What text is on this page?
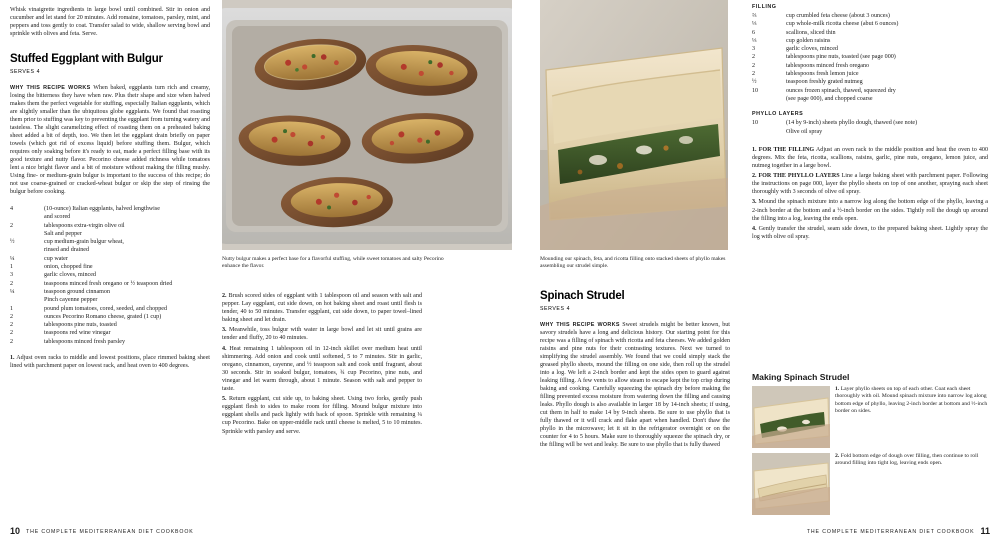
Whisk vinaigrette ingredients in large bowl until combined. Stir in onion and cucumber and let stand for 20 minutes. Add romaine, tomatoes, parsley, mint, and peppers and toss gently to coat. Transfer salad to wide, shallow serving bowl and sprinkle with olives and feta. Serve.
Stuffed Eggplant with Bulgur
SERVES 4
WHY THIS RECIPE WORKS When baked, eggplants turn rich and creamy, losing the bitterness they have when raw. Plus their shape and size when halved makes them the perfect vegetable for stuffing, especially Italian eggplants, which are slightly smaller than the ubiquitous globe eggplants. We found that roasting them prior to stuffing was key to preventing the eggplant from turning watery and tasteless. The slight caramelizing effect of roasting them on a preheated baking sheet added a bit of depth, too. We then let the eggplant drain briefly on paper towels (which got rid of excess liquid) before stuffing them. Bulgur, which requires only soaking before it's ready to eat, made a perfect filling base with its good texture and nutty flavor. Pecorino cheese added richness while tomatoes lent a nice bright flavor and a bit of moisture without making the filling mushy. Using fine- or medium-grain bulgur is important to the success of this recipe; do not use coarse-grained or cracked-wheat bulgur or skip the step of rinsing the bulgur before cooking.
4	(10-ounce) Italian eggplants, halved lengthwise
and scored
2	tablespoons extra-virgin olive oil
Salt and pepper
½	cup medium-grain bulgur wheat,
rinsed and drained
¼	cup water
1	onion, chopped fine
3	garlic cloves, minced
2	teaspoons minced fresh oregano or ½ teaspoon dried
¼	teaspoon ground cinnamon
Pinch cayenne pepper
1	pound plum tomatoes, cored, seeded, and chopped
2	ounces Pecorino Romano cheese, grated (1 cup)
2	tablespoons pine nuts, toasted
2	teaspoons red wine vinegar
2	tablespoons minced fresh parsley
1. Adjust oven racks to middle and lowest positions, place rimmed baking sheet lined with parchment paper on lowest rack, and heat oven to 400 degrees.
Nutty bulgur makes a perfect base for a flavorful stuffing, while sweet tomatoes and salty Pecorino enhance the flavor.
2. Brush scored sides of eggplant with 1 tablespoon oil and season with salt and pepper. Lay eggplant, cut side down, on hot baking sheet and roast until flesh is tender, 40 to 50 minutes. Transfer eggplant, cut side down, to paper towel–lined baking sheet and let drain.
3. Meanwhile, toss bulgur with water in large bowl and let sit until grains are tender and fluffy, 20 to 40 minutes.
4. Heat remaining 1 tablespoon oil in 12-inch skillet over medium heat until shimmering. Add onion and cook until softened, 5 to 7 minutes. Stir in garlic, oregano, cinnamon, cayenne, and ½ teaspoon salt and cook until fragrant, about 30 seconds. Stir in soaked bulgur, tomatoes, ¾ cup Pecorino, pine nuts, and vinegar and let warm through, about 1 minute. Season with salt and pepper to taste.
5. Return eggplant, cut side up, to baking sheet. Using two forks, gently push eggplant flesh to sides to make room for filling. Mound bulgur mixture into eggplant shells and pack lightly with back of spoon. Sprinkle with remaining ¼ cup Pecorino. Bake on upper-middle rack until cheese is melted, 5 to 10 minutes. Sprinkle with parsley and serve.
Mounding our spinach, feta, and ricotta filling onto stacked sheets of phyllo makes assembling our strudel simple.
Spinach Strudel
SERVES 4
WHY THIS RECIPE WORKS Sweet strudels might be better known, but savory strudels have a long and delicious history. Our starting point for this recipe was a filling of spinach with ricotta and feta cheeses. We added golden raisins and pine nuts for their contrasting textures. Next we turned to simplifying the strudel assembly. We found that we could simply stack the greased phyllo sheets, mound the filling on one side, then roll up the strudel into a log. We left a 2-inch border and kept the sides open to guard against leaking filling. A few vents to allow steam to escape kept the top crisp during baking and cooking. Carefully squeezing the spinach dry before making the filling prevented excess moisture from watering down the filling and causing leaks. Phyllo dough is also available in larger 18 by 14-inch sheets; if using, cut them in half to make 14 by 9-inch sheets. Be sure to use phyllo that is fully thawed or it will crack and flake apart when handled. Don't thaw the phyllo in the microwave; let it sit in the refrigerator overnight or on the counter for 4 to 5 hours. Make sure to thoroughly squeeze the spinach dry, or the filling will be wet and leaky. Be sure to use phyllo that is fully thawed
FILLING
⅔	cup crumbled feta cheese (about 3 ounces)
⅓	cup whole-milk ricotta cheese (abut 6 ounces)
6	scallions, sliced thin
⅓	cup golden raisins
3	garlic cloves, minced
2	tablespoons pine nuts, toasted (see page 000)
2	tablespoons minced fresh oregano
2	tablespoons fresh lemon juice
½	teaspoon freshly grated nutmeg
10	ounces frozen spinach, thawed, squeezed dry
(see page 000), and chopped coarse
PHYLLO LAYERS
10	(14 by 9-inch) sheets phyllo dough, thawed (see note)
Olive oil spray
1. FOR THE FILLING Adjust an oven rack to the middle position and heat the oven to 400 degrees. Mix the feta, ricotta, scallions, raisins, garlic, pine nuts, oregano, lemon juice, and nutmeg together in a large bowl.
2. FOR THE PHYLLO LAYERS Line a large baking sheet with parchment paper. Following the instructions on page 000, layer the phyllo sheets on top of one another, spraying each sheet thoroughly with 3 seconds of olive oil spray.
3. Mound the spinach mixture into a narrow log along the bottom edge of the phyllo, leaving a 2-inch border at the bottom and a ½-inch border on the sides. Tightly roll the dough up around the filling into a log, leaving the ends open.
4. Gently transfer the strudel, seam side down, to the prepared baking sheet. Lightly spray the log with olive oil spray.
Making Spinach Strudel
1. Layer phyllo sheets on top of each other. Coat each sheet thoroughly with oil. Mound spinach mixture into narrow log along bottom edge of phyllo, leaving 2-inch border at bottom and ½-inch border on sides.
2. Fold bottom edge of dough over filling, then continue to roll around filling into tight log, leaving ends open.
10 THE COMPLETE MEDITERRANEAN DIET COOKBOOK	THE COMPLETE MEDITERRANEAN DIET COOKBOOK 11
